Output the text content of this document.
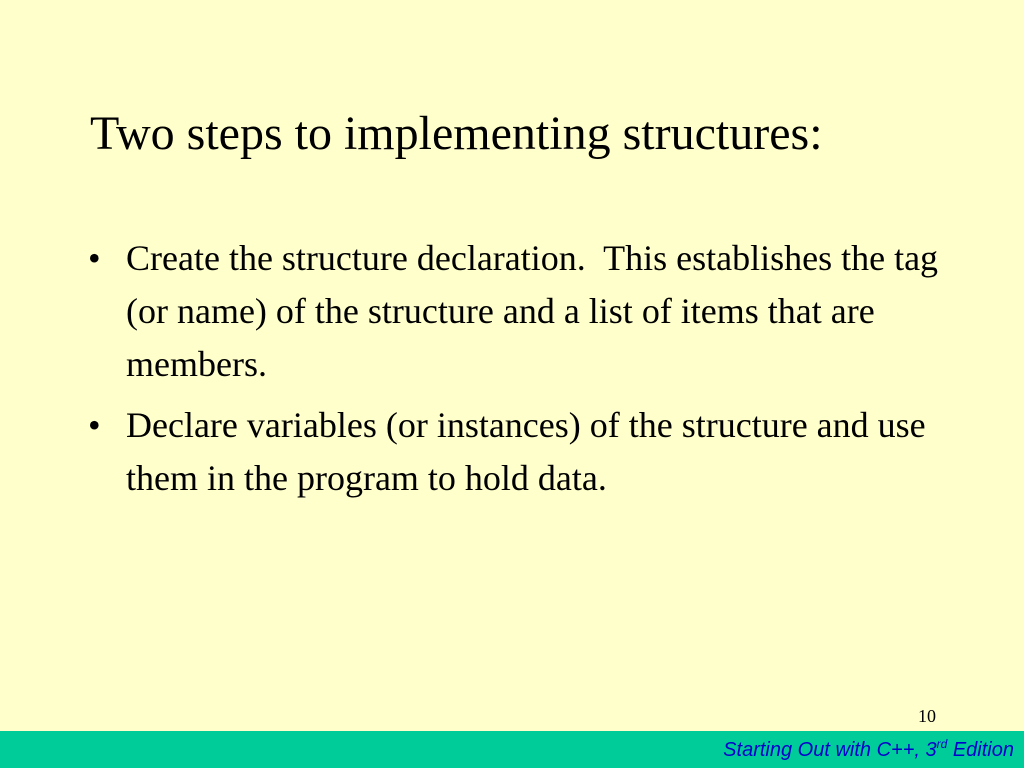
Two steps to implementing structures:
• Create the structure declaration.  This establishes the tag (or name) of the structure and a list of items that are members.
• Declare variables (or instances) of the structure and use them in the program to hold data.
10
Starting Out with C++, 3rd Edition
